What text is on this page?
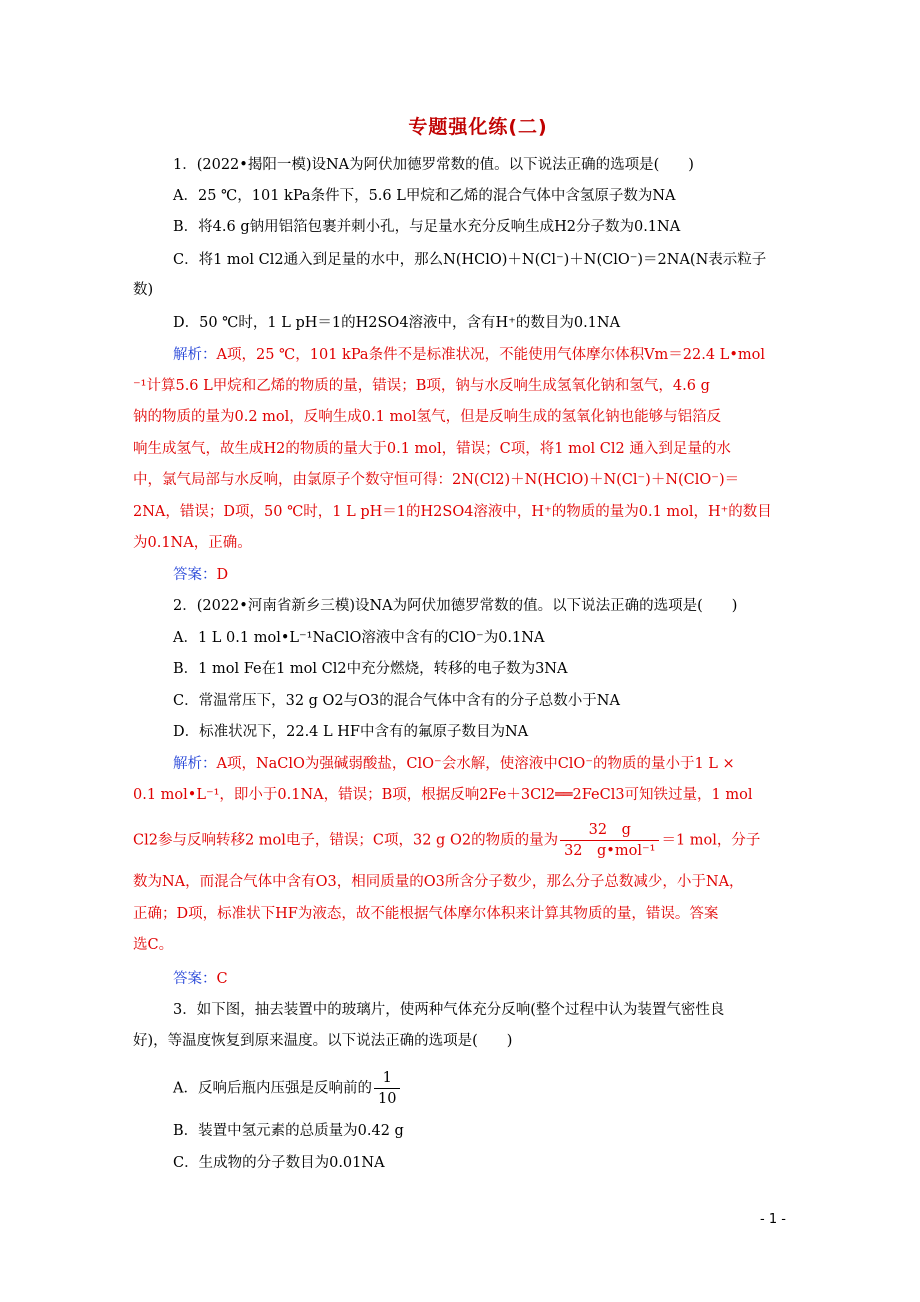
专题强化练(二)
1．(2022•揭阳一模)设NA为阿伏加德罗常数的值。以下说法正确的选项是(　　)
A．25 ℃，101 kPa条件下，5.6 L甲烷和乙烯的混合气体中含氢原子数为NA
B．将4.6 g钠用铝箔包裹并刺小孔，与足量水充分反响生成H2分子数为0.1NA
C．将1 mol Cl2通入到足量的水中，那么N(HClO)＋N(Cl⁻)＋N(ClO⁻)＝2NA(N表示粒子
数)
D．50 ℃时，1 L pH＝1的H2SO4溶液中，含有H⁺的数目为0.1NA
解析：A项，25 ℃，101 kPa条件不是标准状况，不能使用气体摩尔体积Vm＝22.4 L•mol
⁻¹计算5.6 L甲烷和乙烯的物质的量，错误；B项，钠与水反响生成氢氧化钠和氢气，4.6 g
钠的物质的量为0.2 mol，反响生成0.1 mol氢气，但是反响生成的氢氧化钠也能够与铝箔反
响生成氢气，故生成H2的物质的量大于0.1 mol，错误；C项，将1 mol Cl2 通入到足量的水
中，氯气局部与水反响，由氯原子个数守恒可得：2N(Cl2)＋N(HClO)＋N(Cl⁻)＋N(ClO⁻)＝
2NA，错误；D项，50 ℃时，1 L pH＝1的H2SO4溶液中，H⁺的物质的量为0.1 mol，H⁺的数目
为0.1NA，正确。
答案：D
2．(2022•河南省新乡三模)设NA为阿伏加德罗常数的值。以下说法正确的选项是(　　)
A．1 L 0.1 mol•L⁻¹NaClO溶液中含有的ClO⁻为0.1NA
B．1 mol Fe在1 mol Cl2中充分燃烧，转移的电子数为3NA
C．常温常压下，32 g O2与O3的混合气体中含有的分子总数小于NA
D．标准状况下，22.4 L HF中含有的氟原子数目为NA
解析：A项，NaClO为强碱弱酸盐，ClO⁻会水解，使溶液中ClO⁻的物质的量小于1 L ×
0.1 mol•L⁻¹，即小于0.1NA，错误；B项，根据反响2Fe＋3Cl2══2FeCl3可知铁过量，1 mol
Cl2参与反响转移2 mol电子，错误；C项，32 g O2的物质的量为 $\frac{32 g}{\text{32　g•mol⁻¹}} =1$ mol，分子
数为NA，而混合气体中含有O3，相同质量的O3所含分子数少，那么分子总数减少，小于NA，
正确；D项，标准状下HF为液态，故不能根据气体摩尔体积来计算其物质的量，错误。答案
选C。
答案：C
3．如下图，抽去装置中的玻璃片，使两种气体充分反响(整个过程中认为装置气密性良
好)，等温度恢复到原来温度。以下说法正确的选项是(　　)
A．反响后瓶内压强是反响前的 $\frac{1}{10}$
B．装置中氢元素的总质量为0.42 g
C．生成物的分子数目为0.01NA
- 1 -
